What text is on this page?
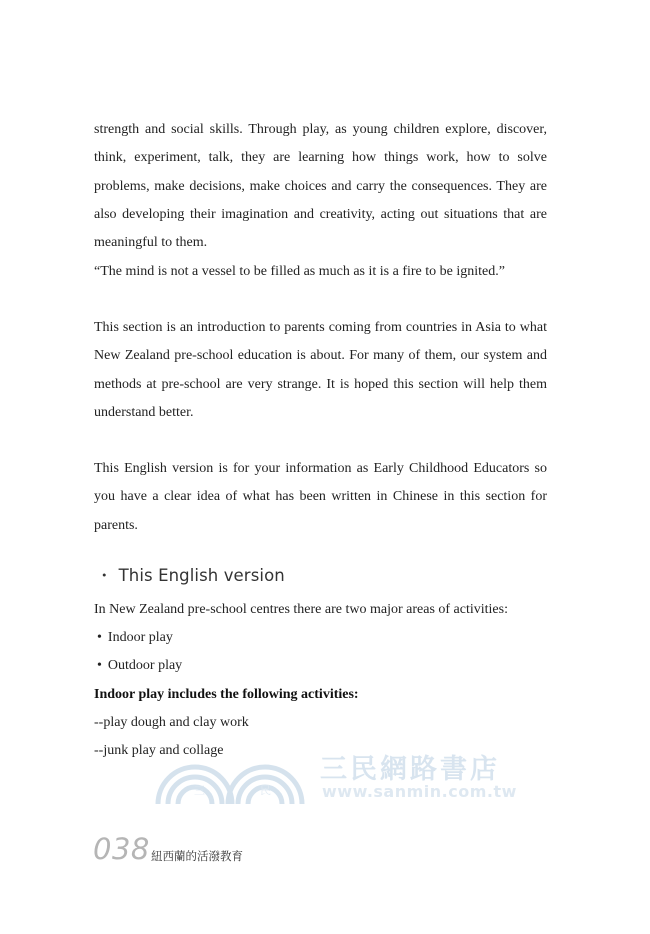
strength and social skills. Through play, as young children explore, discover, think, experiment, talk, they are learning how things work, how to solve problems, make decisions, make choices and carry the consequences. They are also developing their imagination and creativity, acting out situations that are meaningful to them.

“The mind is not a vessel to be filled as much as it is a fire to be ignited.”

This section is an introduction to parents coming from countries in Asia to what New Zealand pre-school education is about. For many of them, our system and methods at pre-school are very strange. It is hoped this section will help them understand better.

This English version is for your information as Early Childhood Educators so you have a clear idea of what has been written in Chinese in this section for parents.

・ This English version
In New Zealand pre-school centres there are two major areas of activities:
• Indoor play
• Outdoor play
Indoor play includes the following activities:
--play dough and clay work
--junk play and collage
三	民
三民網路書店
www.sanmin.com.tw
038 紐西蘭的活潑教育
